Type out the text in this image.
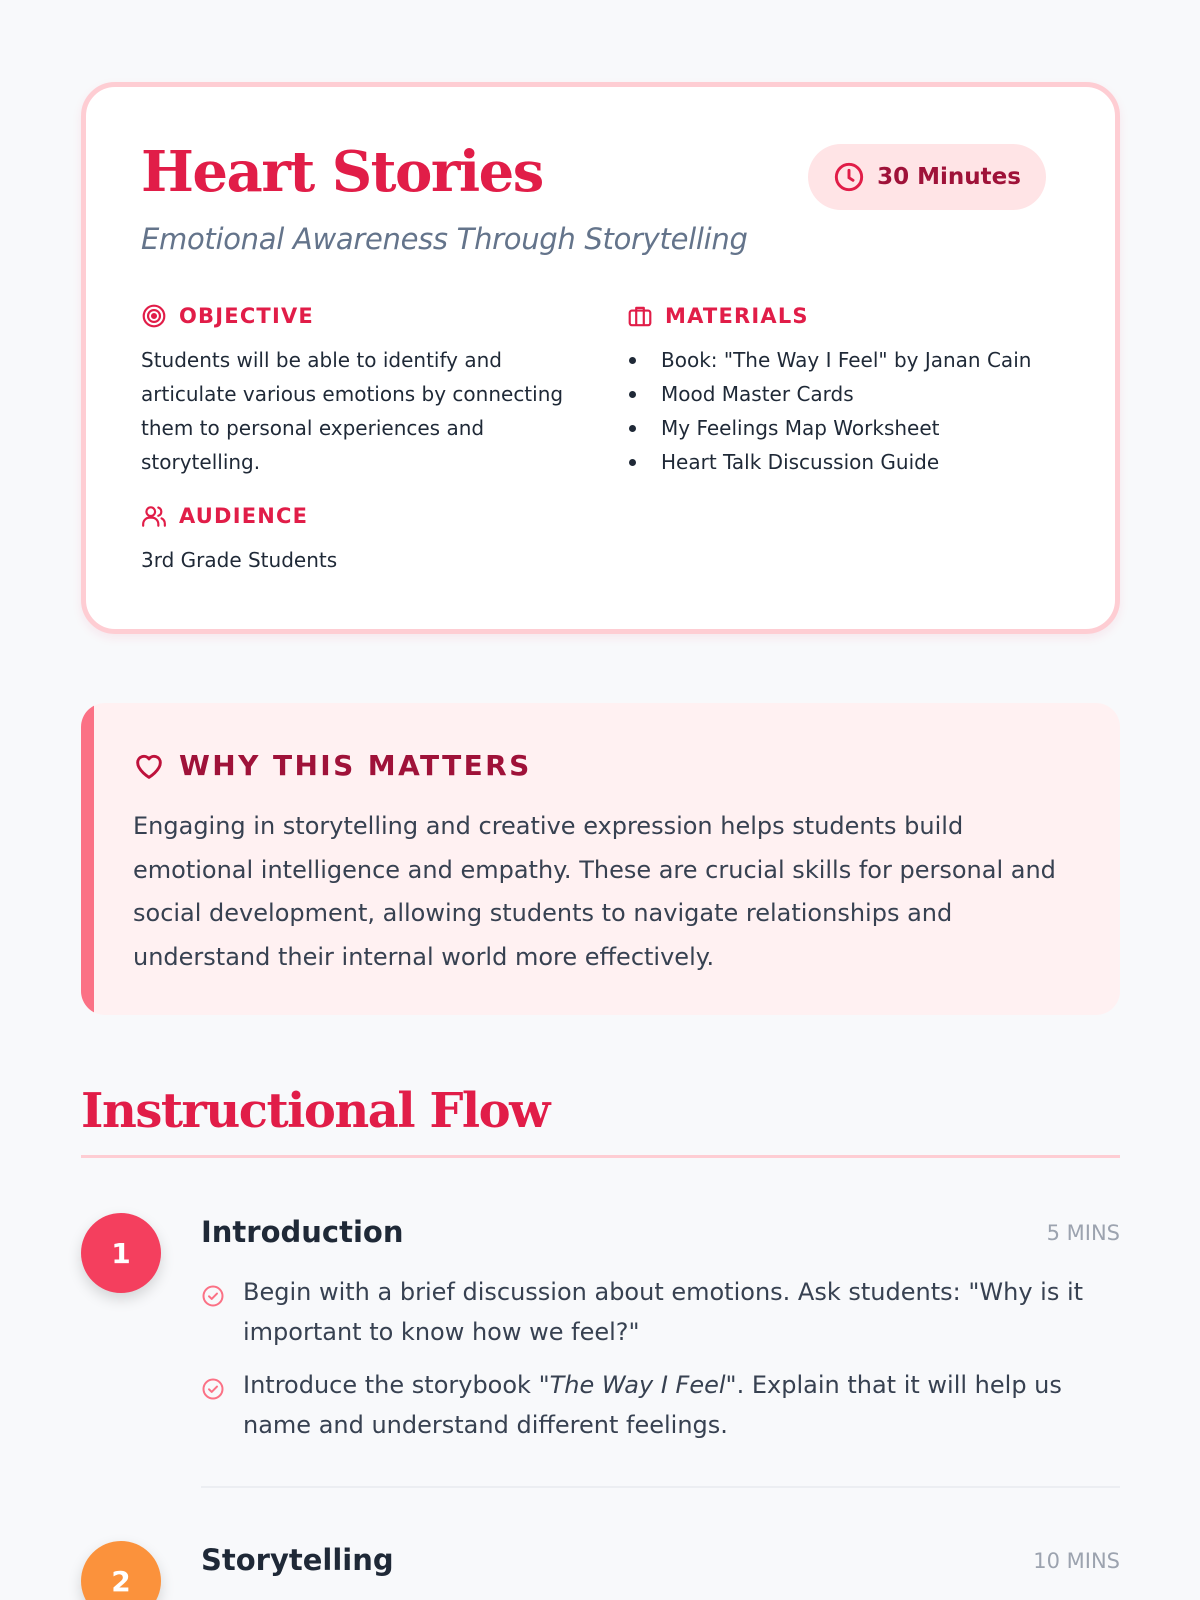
Heart Stories
Emotional Awareness Through Storytelling
30 Minutes
OBJECTIVE

Students will be able to identify and articulate various emotions by connecting them to personal experiences and storytelling.

MATERIALS
Book: "The Way I Feel" by Janan Cain
Mood Master Cards
My Feelings Map Worksheet
Heart Talk Discussion Guide
AUDIENCE

3rd Grade Students

WHY THIS MATTERS

Engaging in storytelling and creative expression helps students build emotional intelligence and empathy. These are crucial skills for personal and social development, allowing students to navigate relationships and understand their internal world more effectively.

Instructional Flow
1
Introduction	5 MINS
Begin with a brief discussion about emotions. Ask students: "Why is it important to know how we feel?"
Introduce the storybook "The Way I Feel". Explain that it will help us name and understand different feelings.
2
Storytelling	10 MINS
